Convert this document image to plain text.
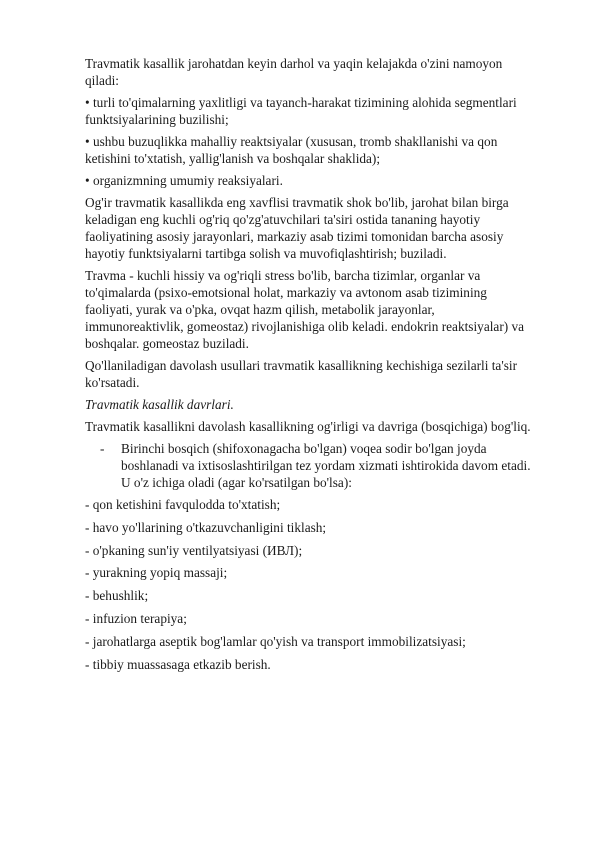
Travmatik kasallik jarohatdan keyin darhol va yaqin kelajakda o'zini namoyon qiladi:

• turli to'qimalarning yaxlitligi va tayanch-harakat tizimining alohida segmentlari funktsiyalarining buzilishi;

• ushbu buzuqlikka mahalliy reaktsiyalar (xususan, tromb shakllanishi va qon ketishini to'xtatish, yallig'lanish va boshqalar shaklida);

• organizmning umumiy reaksiyalari.

Og'ir travmatik kasallikda eng xavflisi travmatik shok bo'lib, jarohat bilan birga keladigan eng kuchli og'riq qo'zg'atuvchilari ta'siri ostida tananing hayotiy faoliyatining asosiy jarayonlari, markaziy asab tizimi tomonidan barcha asosiy hayotiy funktsiyalarni tartibga solish va muvofiqlashtirish; buziladi.

Travma - kuchli hissiy va og'riqli stress bo'lib, barcha tizimlar, organlar va to'qimalarda (psixo-emotsional holat, markaziy va avtonom asab tizimining faoliyati, yurak va o'pka, ovqat hazm qilish, metabolik jarayonlar, immunoreaktivlik, gomeostaz) rivojlanishiga olib keladi. endokrin reaktsiyalar) va boshqalar. gomeostaz buziladi.

Qo'llaniladigan davolash usullari travmatik kasallikning kechishiga sezilarli ta'sir ko'rsatadi.

Travmatik kasallik davrlari.

Travmatik kasallikni davolash kasallikning og'irligi va davriga (bosqichiga) bog'liq.

- Birinchi bosqich (shifoxonagacha bo'lgan) voqea sodir bo'lgan joyda boshlanadi va ixtisoslashtirilgan tez yordam xizmati ishtirokida davom etadi. U o'z ichiga oladi (agar ko'rsatilgan bo'lsa):
- qon ketishini favqulodda to'xtatish;
- havo yo'llarining o'tkazuvchanligini tiklash;
- o'pkaning sun'iy ventilyatsiyasi (ИВЛ);
- yurakning yopiq massaji;
- behushlik;
- infuzion terapiya;
- jarohatlarga aseptik bog'lamlar qo'yish va transport immobilizatsiyasi;
- tibbiy muassasaga etkazib berish.
